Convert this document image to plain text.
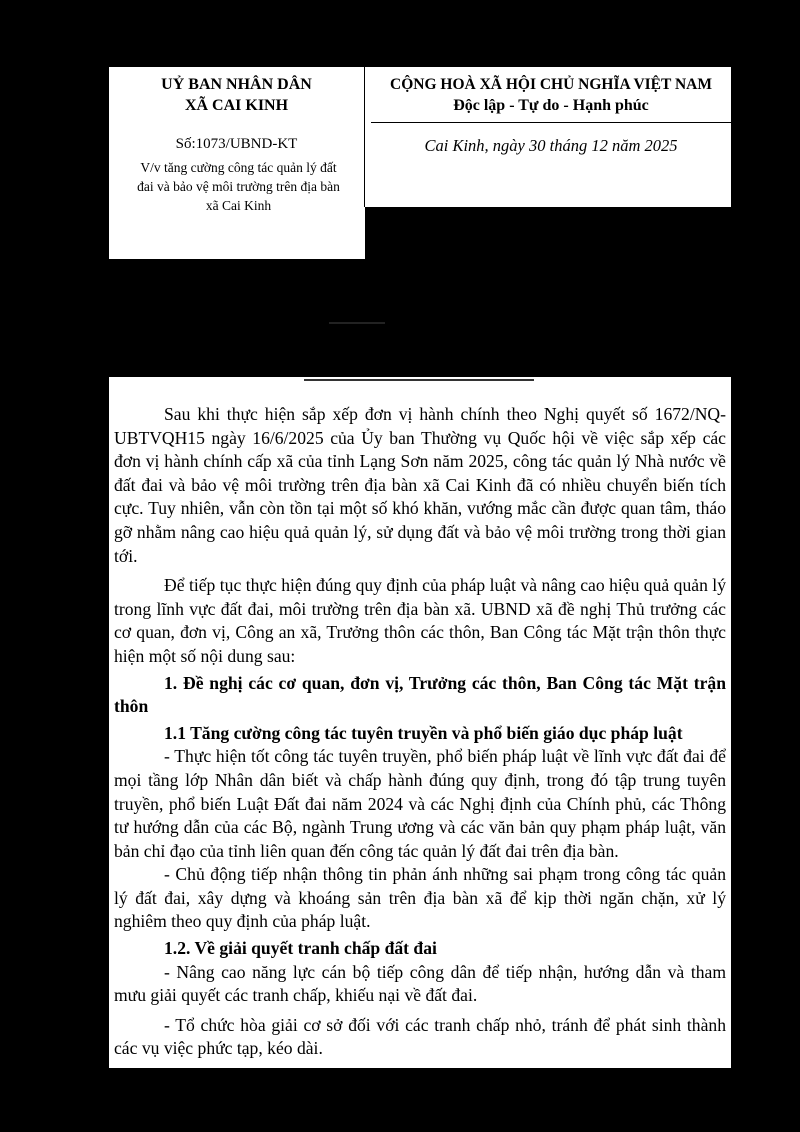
UỶ BAN NHÂN DÂN
XÃ CAI KINH
Số:1073/UBND-KT
V/v tăng cường công tác quản lý đất đai và bảo vệ môi trường trên địa bàn xã Cai Kinh
CỘNG HOÀ XÃ HỘI CHỦ NGHĨA VIỆT NAM
Độc lập - Tự do - Hạnh phúc
Cai Kinh, ngày 30 tháng 12 năm 2025

Sau khi thực hiện sắp xếp đơn vị hành chính theo Nghị quyết số 1672/NQ-UBTVQH15 ngày 16/6/2025 của Ủy ban Thường vụ Quốc hội về việc sắp xếp các đơn vị hành chính cấp xã của tỉnh Lạng Sơn năm 2025, công tác quản lý Nhà nước về đất đai và bảo vệ môi trường trên địa bàn xã Cai Kinh đã có nhiều chuyển biến tích cực. Tuy nhiên, vẫn còn tồn tại một số khó khăn, vướng mắc cần được quan tâm, tháo gỡ nhằm nâng cao hiệu quả quản lý, sử dụng đất và bảo vệ môi trường trong thời gian tới.

Để tiếp tục thực hiện đúng quy định của pháp luật và nâng cao hiệu quả quản lý trong lĩnh vực đất đai, môi trường trên địa bàn xã. UBND xã đề nghị Thủ trưởng các cơ quan, đơn vị, Công an xã, Trưởng thôn các thôn, Ban Công tác Mặt trận thôn thực hiện một số nội dung sau:

1. Đề nghị các cơ quan, đơn vị, Trưởng các thôn, Ban Công tác Mặt trận thôn
1.1 Tăng cường công tác tuyên truyền và phổ biến giáo dục pháp luật

- Thực hiện tốt công tác tuyên truyền, phổ biến pháp luật về lĩnh vực đất đai để mọi tầng lớp Nhân dân biết và chấp hành đúng quy định, trong đó tập trung tuyên truyền, phổ biến Luật Đất đai năm 2024 và các Nghị định của Chính phủ, các Thông tư hướng dẫn của các Bộ, ngành Trung ương và các văn bản quy phạm pháp luật, văn bản chỉ đạo của tỉnh liên quan đến công tác quản lý đất đai trên địa bàn.

- Chủ động tiếp nhận thông tin phản ánh những sai phạm trong công tác quản lý đất đai, xây dựng và khoáng sản trên địa bàn xã để kịp thời ngăn chặn, xử lý nghiêm theo quy định của pháp luật.

1.2. Về giải quyết tranh chấp đất đai

- Nâng cao năng lực cán bộ tiếp công dân để tiếp nhận, hướng dẫn và tham mưu giải quyết các tranh chấp, khiếu nại về đất đai.

- Tổ chức hòa giải cơ sở đối với các tranh chấp nhỏ, tránh để phát sinh thành các vụ việc phức tạp, kéo dài.
